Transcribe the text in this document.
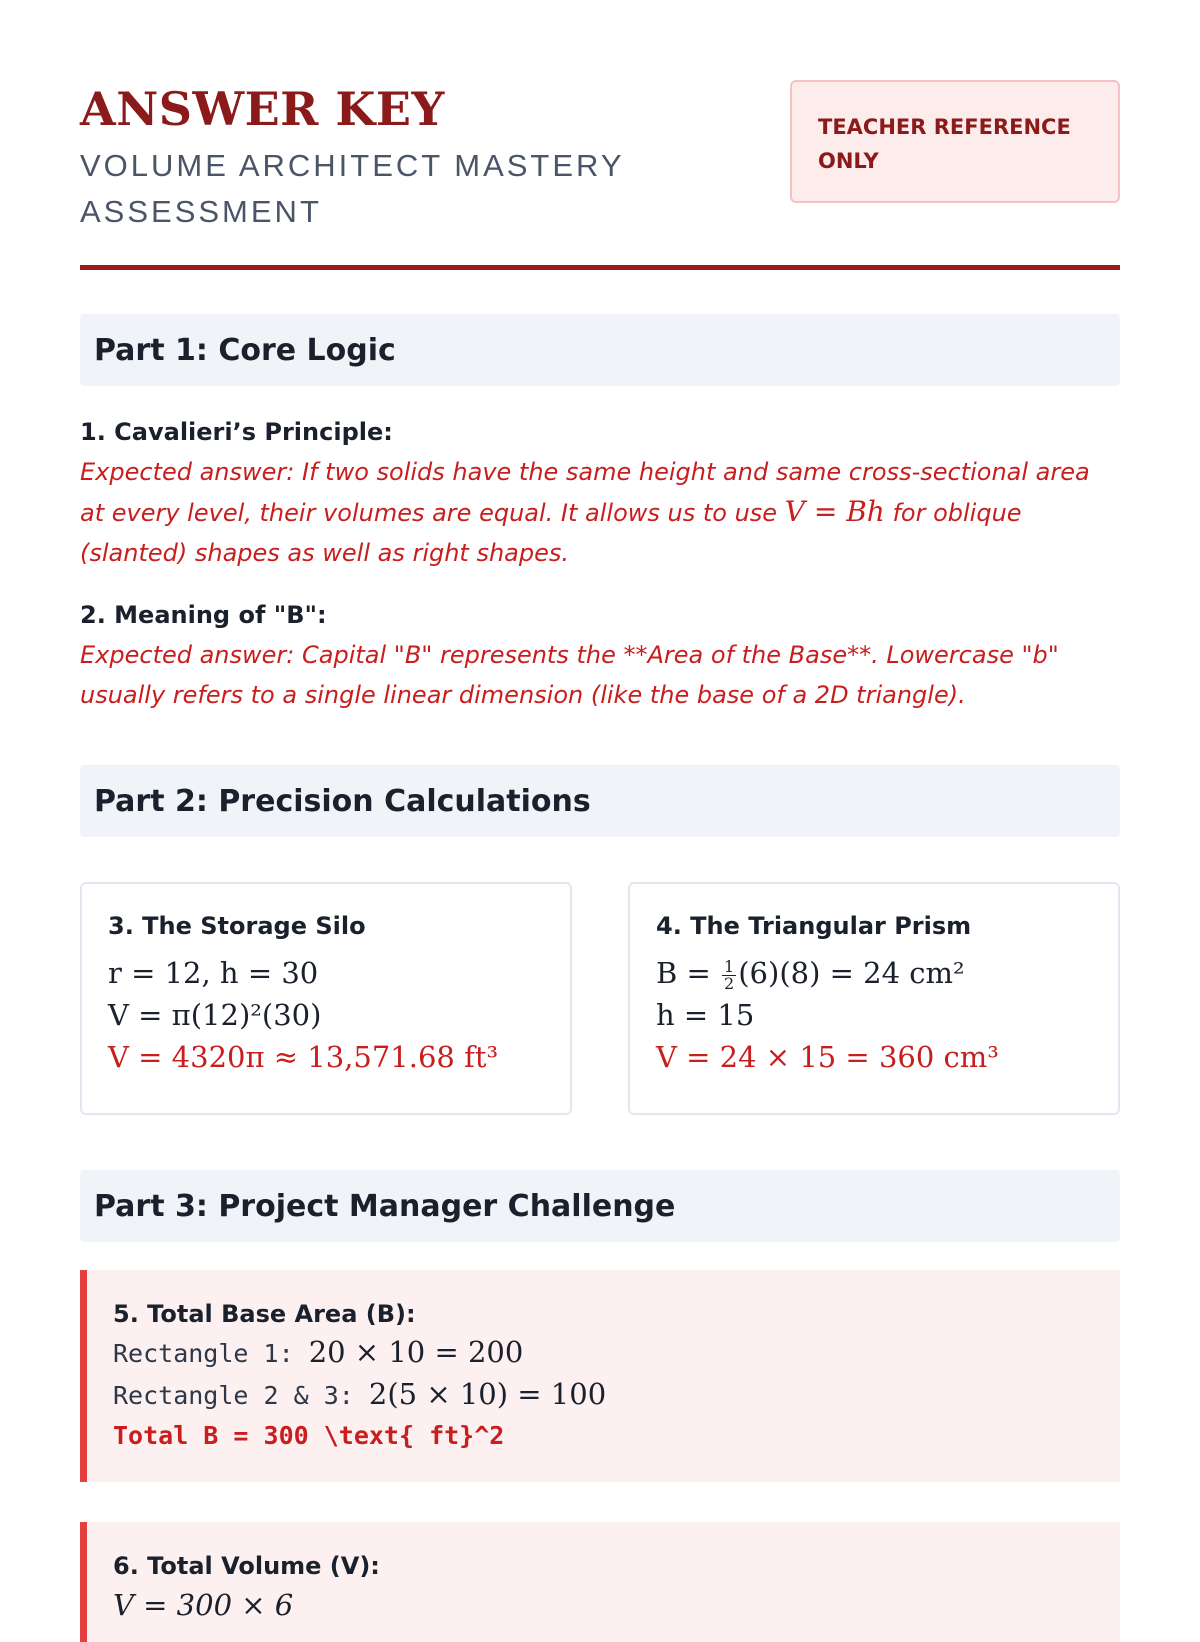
ANSWER KEY
VOLUME ARCHITECT MASTERY ASSESSMENT
TEACHER REFERENCE ONLY
Part 1: Core Logic
1. Cavalieri’s Principle:
Expected answer: If two solids have the same height and same cross-sectional area at every level, their volumes are equal. It allows us to use V = Bh for oblique (slanted) shapes as well as right shapes.
2. Meaning of "B":
Expected answer: Capital "B" represents the **Area of the Base**. Lowercase "b" usually refers to a single linear dimension (like the base of a 2D triangle).
Part 2: Precision Calculations
3. The Storage Silo
r = 12, h = 30
V = π(12)²(30)
V = 4320π ≈ 13,571.68 ft³
4. The Triangular Prism
$B = \frac{1}{2} (6)(8) = 24$ cm²
h = 15
V = 24 × 15 = 360 cm³
Part 3: Project Manager Challenge
5. Total Base Area (B):
Rectangle 1: 20 × 10 = 200
Rectangle 2 & 3: 2(5 × 10) = 100
Total B = 300 \text{ ft}^2
6. Total Volume (V):
V = 300 × 6
